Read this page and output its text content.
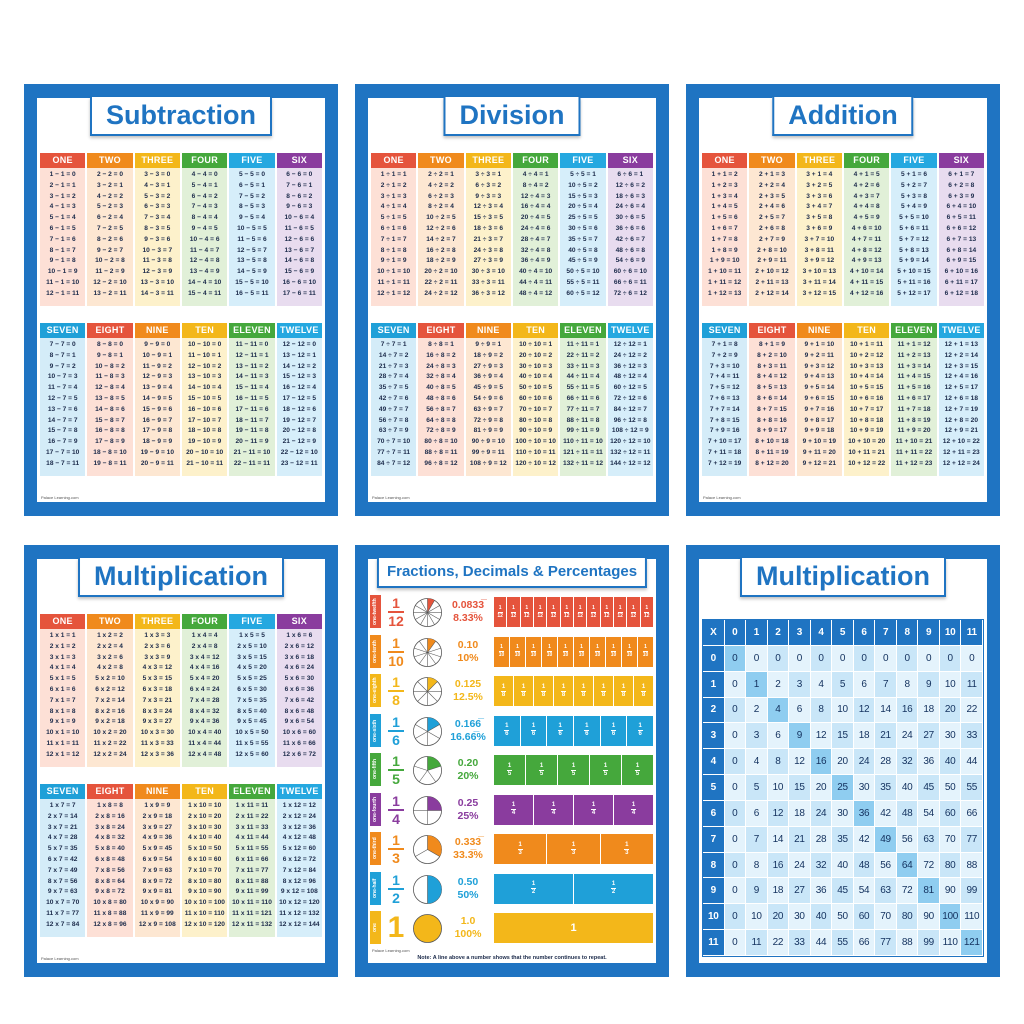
Subtraction
ONE
1 − 1 = 0
2 − 1 = 1
3 − 1 = 2
4 − 1 = 3
5 − 1 = 4
6 − 1 = 5
7 − 1 = 6
8 − 1 = 7
9 − 1 = 8
10 − 1 = 9
11 − 1 = 10
12 − 1 = 11
TWO
2 − 2 = 0
3 − 2 = 1
4 − 2 = 2
5 − 2 = 3
6 − 2 = 4
7 − 2 = 5
8 − 2 = 6
9 − 2 = 7
10 − 2 = 8
11 − 2 = 9
12 − 2 = 10
13 − 2 = 11
THREE
3 − 3 = 0
4 − 3 = 1
5 − 3 = 2
6 − 3 = 3
7 − 3 = 4
8 − 3 = 5
9 − 3 = 6
10 − 3 = 7
11 − 3 = 8
12 − 3 = 9
13 − 3 = 10
14 − 3 = 11
FOUR
4 − 4 = 0
5 − 4 = 1
6 − 4 = 2
7 − 4 = 3
8 − 4 = 4
9 − 4 = 5
10 − 4 = 6
11 − 4 = 7
12 − 4 = 8
13 − 4 = 9
14 − 4 = 10
15 − 4 = 11
FIVE
5 − 5 = 0
6 − 5 = 1
7 − 5 = 2
8 − 5 = 3
9 − 5 = 4
10 − 5 = 5
11 − 5 = 6
12 − 5 = 7
13 − 5 = 8
14 − 5 = 9
15 − 5 = 10
16 − 5 = 11
SIX
6 − 6 = 0
7 − 6 = 1
8 − 6 = 2
9 − 6 = 3
10 − 6 = 4
11 − 6 = 5
12 − 6 = 6
13 − 6 = 7
14 − 6 = 8
15 − 6 = 9
16 − 6 = 10
17 − 6 = 11
SEVEN
7 − 7 = 0
8 − 7 = 1
9 − 7 = 2
10 − 7 = 3
11 − 7 = 4
12 − 7 = 5
13 − 7 = 6
14 − 7 = 7
15 − 7 = 8
16 − 7 = 9
17 − 7 = 10
18 − 7 = 11
EIGHT
8 − 8 = 0
9 − 8 = 1
10 − 8 = 2
11 − 8 = 3
12 − 8 = 4
13 − 8 = 5
14 − 8 = 6
15 − 8 = 7
16 − 8 = 8
17 − 8 = 9
18 − 8 = 10
19 − 8 = 11
NINE
9 − 9 = 0
10 − 9 = 1
11 − 9 = 2
12 − 9 = 3
13 − 9 = 4
14 − 9 = 5
15 − 9 = 6
16 − 9 = 7
17 − 9 = 8
18 − 9 = 9
19 − 9 = 10
20 − 9 = 11
TEN
10 − 10 = 0
11 − 10 = 1
12 − 10 = 2
13 − 10 = 3
14 − 10 = 4
15 − 10 = 5
16 − 10 = 6
17 − 10 = 7
18 − 10 = 8
19 − 10 = 9
20 − 10 = 10
21 − 10 = 11
ELEVEN
11 − 11 = 0
12 − 11 = 1
13 − 11 = 2
14 − 11 = 3
15 − 11 = 4
16 − 11 = 5
17 − 11 = 6
18 − 11 = 7
19 − 11 = 8
20 − 11 = 9
21 − 11 = 10
22 − 11 = 11
TWELVE
12 − 12 = 0
13 − 12 = 1
14 − 12 = 2
15 − 12 = 3
16 − 12 = 4
17 − 12 = 5
18 − 12 = 6
19 − 12 = 7
20 − 12 = 8
21 − 12 = 9
22 − 12 = 10
23 − 12 = 11
Palace Learning.com
Division
ONE
1 ÷ 1 = 1
2 ÷ 1 = 2
3 ÷ 1 = 3
4 ÷ 1 = 4
5 ÷ 1 = 5
6 ÷ 1 = 6
7 ÷ 1 = 7
8 ÷ 1 = 8
9 ÷ 1 = 9
10 ÷ 1 = 10
11 ÷ 1 = 11
12 ÷ 1 = 12
TWO
2 ÷ 2 = 1
4 ÷ 2 = 2
6 ÷ 2 = 3
8 ÷ 2 = 4
10 ÷ 2 = 5
12 ÷ 2 = 6
14 ÷ 2 = 7
16 ÷ 2 = 8
18 ÷ 2 = 9
20 ÷ 2 = 10
22 ÷ 2 = 11
24 ÷ 2 = 12
THREE
3 ÷ 3 = 1
6 ÷ 3 = 2
9 ÷ 3 = 3
12 ÷ 3 = 4
15 ÷ 3 = 5
18 ÷ 3 = 6
21 ÷ 3 = 7
24 ÷ 3 = 8
27 ÷ 3 = 9
30 ÷ 3 = 10
33 ÷ 3 = 11
36 ÷ 3 = 12
FOUR
4 ÷ 4 = 1
8 ÷ 4 = 2
12 ÷ 4 = 3
16 ÷ 4 = 4
20 ÷ 4 = 5
24 ÷ 4 = 6
28 ÷ 4 = 7
32 ÷ 4 = 8
36 ÷ 4 = 9
40 ÷ 4 = 10
44 ÷ 4 = 11
48 ÷ 4 = 12
FIVE
5 ÷ 5 = 1
10 ÷ 5 = 2
15 ÷ 5 = 3
20 ÷ 5 = 4
25 ÷ 5 = 5
30 ÷ 5 = 6
35 ÷ 5 = 7
40 ÷ 5 = 8
45 ÷ 5 = 9
50 ÷ 5 = 10
55 ÷ 5 = 11
60 ÷ 5 = 12
SIX
6 ÷ 6 = 1
12 ÷ 6 = 2
18 ÷ 6 = 3
24 ÷ 6 = 4
30 ÷ 6 = 5
36 ÷ 6 = 6
42 ÷ 6 = 7
48 ÷ 6 = 8
54 ÷ 6 = 9
60 ÷ 6 = 10
66 ÷ 6 = 11
72 ÷ 6 = 12
SEVEN
7 ÷ 7 = 1
14 ÷ 7 = 2
21 ÷ 7 = 3
28 ÷ 7 = 4
35 ÷ 7 = 5
42 ÷ 7 = 6
49 ÷ 7 = 7
56 ÷ 7 = 8
63 ÷ 7 = 9
70 ÷ 7 = 10
77 ÷ 7 = 11
84 ÷ 7 = 12
EIGHT
8 ÷ 8 = 1
16 ÷ 8 = 2
24 ÷ 8 = 3
32 ÷ 8 = 4
40 ÷ 8 = 5
48 ÷ 8 = 6
56 ÷ 8 = 7
64 ÷ 8 = 8
72 ÷ 8 = 9
80 ÷ 8 = 10
88 ÷ 8 = 11
96 ÷ 8 = 12
NINE
9 ÷ 9 = 1
18 ÷ 9 = 2
27 ÷ 9 = 3
36 ÷ 9 = 4
45 ÷ 9 = 5
54 ÷ 9 = 6
63 ÷ 9 = 7
72 ÷ 9 = 8
81 ÷ 9 = 9
90 ÷ 9 = 10
99 ÷ 9 = 11
108 ÷ 9 = 12
TEN
10 ÷ 10 = 1
20 ÷ 10 = 2
30 ÷ 10 = 3
40 ÷ 10 = 4
50 ÷ 10 = 5
60 ÷ 10 = 6
70 ÷ 10 = 7
80 ÷ 10 = 8
90 ÷ 10 = 9
100 ÷ 10 = 10
110 ÷ 10 = 11
120 ÷ 10 = 12
ELEVEN
11 ÷ 11 = 1
22 ÷ 11 = 2
33 ÷ 11 = 3
44 ÷ 11 = 4
55 ÷ 11 = 5
66 ÷ 11 = 6
77 ÷ 11 = 7
88 ÷ 11 = 8
99 ÷ 11 = 9
110 ÷ 11 = 10
121 ÷ 11 = 11
132 ÷ 11 = 12
TWELVE
12 ÷ 12 = 1
24 ÷ 12 = 2
36 ÷ 12 = 3
48 ÷ 12 = 4
60 ÷ 12 = 5
72 ÷ 12 = 6
84 ÷ 12 = 7
96 ÷ 12 = 8
108 ÷ 12 = 9
120 ÷ 12 = 10
132 ÷ 12 = 11
144 ÷ 12 = 12
Palace Learning.com
Addition
ONE
1 + 1 = 2
1 + 2 = 3
1 + 3 = 4
1 + 4 = 5
1 + 5 = 6
1 + 6 = 7
1 + 7 = 8
1 + 8 = 9
1 + 9 = 10
1 + 10 = 11
1 + 11 = 12
1 + 12 = 13
TWO
2 + 1 = 3
2 + 2 = 4
2 + 3 = 5
2 + 4 = 6
2 + 5 = 7
2 + 6 = 8
2 + 7 = 9
2 + 8 = 10
2 + 9 = 11
2 + 10 = 12
2 + 11 = 13
2 + 12 = 14
THREE
3 + 1 = 4
3 + 2 = 5
3 + 3 = 6
3 + 4 = 7
3 + 5 = 8
3 + 6 = 9
3 + 7 = 10
3 + 8 = 11
3 + 9 = 12
3 + 10 = 13
3 + 11 = 14
3 + 12 = 15
FOUR
4 + 1 = 5
4 + 2 = 6
4 + 3 = 7
4 + 4 = 8
4 + 5 = 9
4 + 6 = 10
4 + 7 = 11
4 + 8 = 12
4 + 9 = 13
4 + 10 = 14
4 + 11 = 15
4 + 12 = 16
FIVE
5 + 1 = 6
5 + 2 = 7
5 + 3 = 8
5 + 4 = 9
5 + 5 = 10
5 + 6 = 11
5 + 7 = 12
5 + 8 = 13
5 + 9 = 14
5 + 10 = 15
5 + 11 = 16
5 + 12 = 17
SIX
6 + 1 = 7
6 + 2 = 8
6 + 3 = 9
6 + 4 = 10
6 + 5 = 11
6 + 6 = 12
6 + 7 = 13
6 + 8 = 14
6 + 9 = 15
6 + 10 = 16
6 + 11 = 17
6 + 12 = 18
SEVEN
7 + 1 = 8
7 + 2 = 9
7 + 3 = 10
7 + 4 = 11
7 + 5 = 12
7 + 6 = 13
7 + 7 = 14
7 + 8 = 15
7 + 9 = 16
7 + 10 = 17
7 + 11 = 18
7 + 12 = 19
EIGHT
8 + 1 = 9
8 + 2 = 10
8 + 3 = 11
8 + 4 = 12
8 + 5 = 13
8 + 6 = 14
8 + 7 = 15
8 + 8 = 16
8 + 9 = 17
8 + 10 = 18
8 + 11 = 19
8 + 12 = 20
NINE
9 + 1 = 10
9 + 2 = 11
9 + 3 = 12
9 + 4 = 13
9 + 5 = 14
9 + 6 = 15
9 + 7 = 16
9 + 8 = 17
9 + 9 = 18
9 + 10 = 19
9 + 11 = 20
9 + 12 = 21
TEN
10 + 1 = 11
10 + 2 = 12
10 + 3 = 13
10 + 4 = 14
10 + 5 = 15
10 + 6 = 16
10 + 7 = 17
10 + 8 = 18
10 + 9 = 19
10 + 10 = 20
10 + 11 = 21
10 + 12 = 22
ELEVEN
11 + 1 = 12
11 + 2 = 13
11 + 3 = 14
11 + 4 = 15
11 + 5 = 16
11 + 6 = 17
11 + 7 = 18
11 + 8 = 19
11 + 9 = 20
11 + 10 = 21
11 + 11 = 22
11 + 12 = 23
TWELVE
12 + 1 = 13
12 + 2 = 14
12 + 3 = 15
12 + 4 = 16
12 + 5 = 17
12 + 6 = 18
12 + 7 = 19
12 + 8 = 20
12 + 9 = 21
12 + 10 = 22
12 + 11 = 23
12 + 12 = 24
Palace Learning.com
Multiplication
ONE
1 x 1 = 1
2 x 1 = 2
3 x 1 = 3
4 x 1 = 4
5 x 1 = 5
6 x 1 = 6
7 x 1 = 7
8 x 1 = 8
9 x 1 = 9
10 x 1 = 10
11 x 1 = 11
12 x 1 = 12
TWO
1 x 2 = 2
2 x 2 = 4
3 x 2 = 6
4 x 2 = 8
5 x 2 = 10
6 x 2 = 12
7 x 2 = 14
8 x 2 = 16
9 x 2 = 18
10 x 2 = 20
11 x 2 = 22
12 x 2 = 24
THREE
1 x 3 = 3
2 x 3 = 6
3 x 3 = 9
4 x 3 = 12
5 x 3 = 15
6 x 3 = 18
7 x 3 = 21
8 x 3 = 24
9 x 3 = 27
10 x 3 = 30
11 x 3 = 33
12 x 3 = 36
FOUR
1 x 4 = 4
2 x 4 = 8
3 x 4 = 12
4 x 4 = 16
5 x 4 = 20
6 x 4 = 24
7 x 4 = 28
8 x 4 = 32
9 x 4 = 36
10 x 4 = 40
11 x 4 = 44
12 x 4 = 48
FIVE
1 x 5 = 5
2 x 5 = 10
3 x 5 = 15
4 x 5 = 20
5 x 5 = 25
6 x 5 = 30
7 x 5 = 35
8 x 5 = 40
9 x 5 = 45
10 x 5 = 50
11 x 5 = 55
12 x 5 = 60
SIX
1 x 6 = 6
2 x 6 = 12
3 x 6 = 18
4 x 6 = 24
5 x 6 = 30
6 x 6 = 36
7 x 6 = 42
8 x 6 = 48
9 x 6 = 54
10 x 6 = 60
11 x 6 = 66
12 x 6 = 72
SEVEN
1 x 7 = 7
2 x 7 = 14
3 x 7 = 21
4 x 7 = 28
5 x 7 = 35
6 x 7 = 42
7 x 7 = 49
8 x 7 = 56
9 x 7 = 63
10 x 7 = 70
11 x 7 = 77
12 x 7 = 84
EIGHT
1 x 8 = 8
2 x 8 = 16
3 x 8 = 24
4 x 8 = 32
5 x 8 = 40
6 x 8 = 48
7 x 8 = 56
8 x 8 = 64
9 x 8 = 72
10 x 8 = 80
11 x 8 = 88
12 x 8 = 96
NINE
1 x 9 = 9
2 x 9 = 18
3 x 9 = 27
4 x 9 = 36
5 x 9 = 45
6 x 9 = 54
7 x 9 = 63
8 x 9 = 72
9 x 9 = 81
10 x 9 = 90
11 x 9 = 99
12 x 9 = 108
TEN
1 x 10 = 10
2 x 10 = 20
3 x 10 = 30
4 x 10 = 40
5 x 10 = 50
6 x 10 = 60
7 x 10 = 70
8 x 10 = 80
9 x 10 = 90
10 x 10 = 100
11 x 10 = 110
12 x 10 = 120
ELEVEN
1 x 11 = 11
2 x 11 = 22
3 x 11 = 33
4 x 11 = 44
5 x 11 = 55
6 x 11 = 66
7 x 11 = 77
8 x 11 = 88
9 x 11 = 99
10 x 11 = 110
11 x 11 = 121
12 x 11 = 132
TWELVE
1 x 12 = 12
2 x 12 = 24
3 x 12 = 36
4 x 12 = 48
5 x 12 = 60
6 x 12 = 72
7 x 12 = 84
8 x 12 = 96
9 x 12 = 108
10 x 12 = 120
11 x 12 = 132
12 x 12 = 144
Palace Learning.com
Fractions, Decimals & Percentages
one-twelfth	1
12
0.0833̅
8.33̅%
1
12
1
12
1
12
1
12
1
12
1
12
1
12
1
12
1
12
1
12
1
12
1
12
one-tenth	1
10
0.10
10%
1
10
1
10
1
10
1
10
1
10
1
10
1
10
1
10
1
10
1
10
one-eighth	1
8
0.125
12.5%
1
8
1
8
1
8
1
8
1
8
1
8
1
8
1
8
one-sixth	1
6
0.166̅
16.66̅%
1
6
1
6
1
6
1
6
1
6
1
6
one-fifth	1
5
0.20
20%
1
5
1
5
1
5
1
5
1
5
one-fourth	1
4
0.25
25%
1
4
1
4
1
4
1
4
one-third	1
3
0.333̅
33.3̅%
1
3
1
3
1
3
one-half	1
2
0.50
50%
1
2
1
2
one 1	1.0
100%
1
Note: A line above a number shows that the number continues to repeat.
Palace Learning.com
Multiplication
X	0	1	2	3	4	5	6	7	8	9	10	11
0	0	0	0	0	0	0	0	0	0	0	0	0
1	0	1	2	3	4	5	6	7	8	9	10	11
2	0	2	4	6	8	10	12	14	16	18	20	22
3	0	3	6	9	12	15	18	21	24	27	30	33
4	0	4	8	12	16	20	24	28	32	36	40	44
5	0	5	10	15	20	25	30	35	40	45	50	55
6	0	6	12	18	24	30	36	42	48	54	60	66
7	0	7	14	21	28	35	42	49	56	63	70	77
8	0	8	16	24	32	40	48	56	64	72	80	88
9	0	9	18	27	36	45	54	63	72	81	90	99
10	0	10	20	30	40	50	60	70	80	90 100 110
11	0	11	22	33	44	55	66	77	88	99 110 121
